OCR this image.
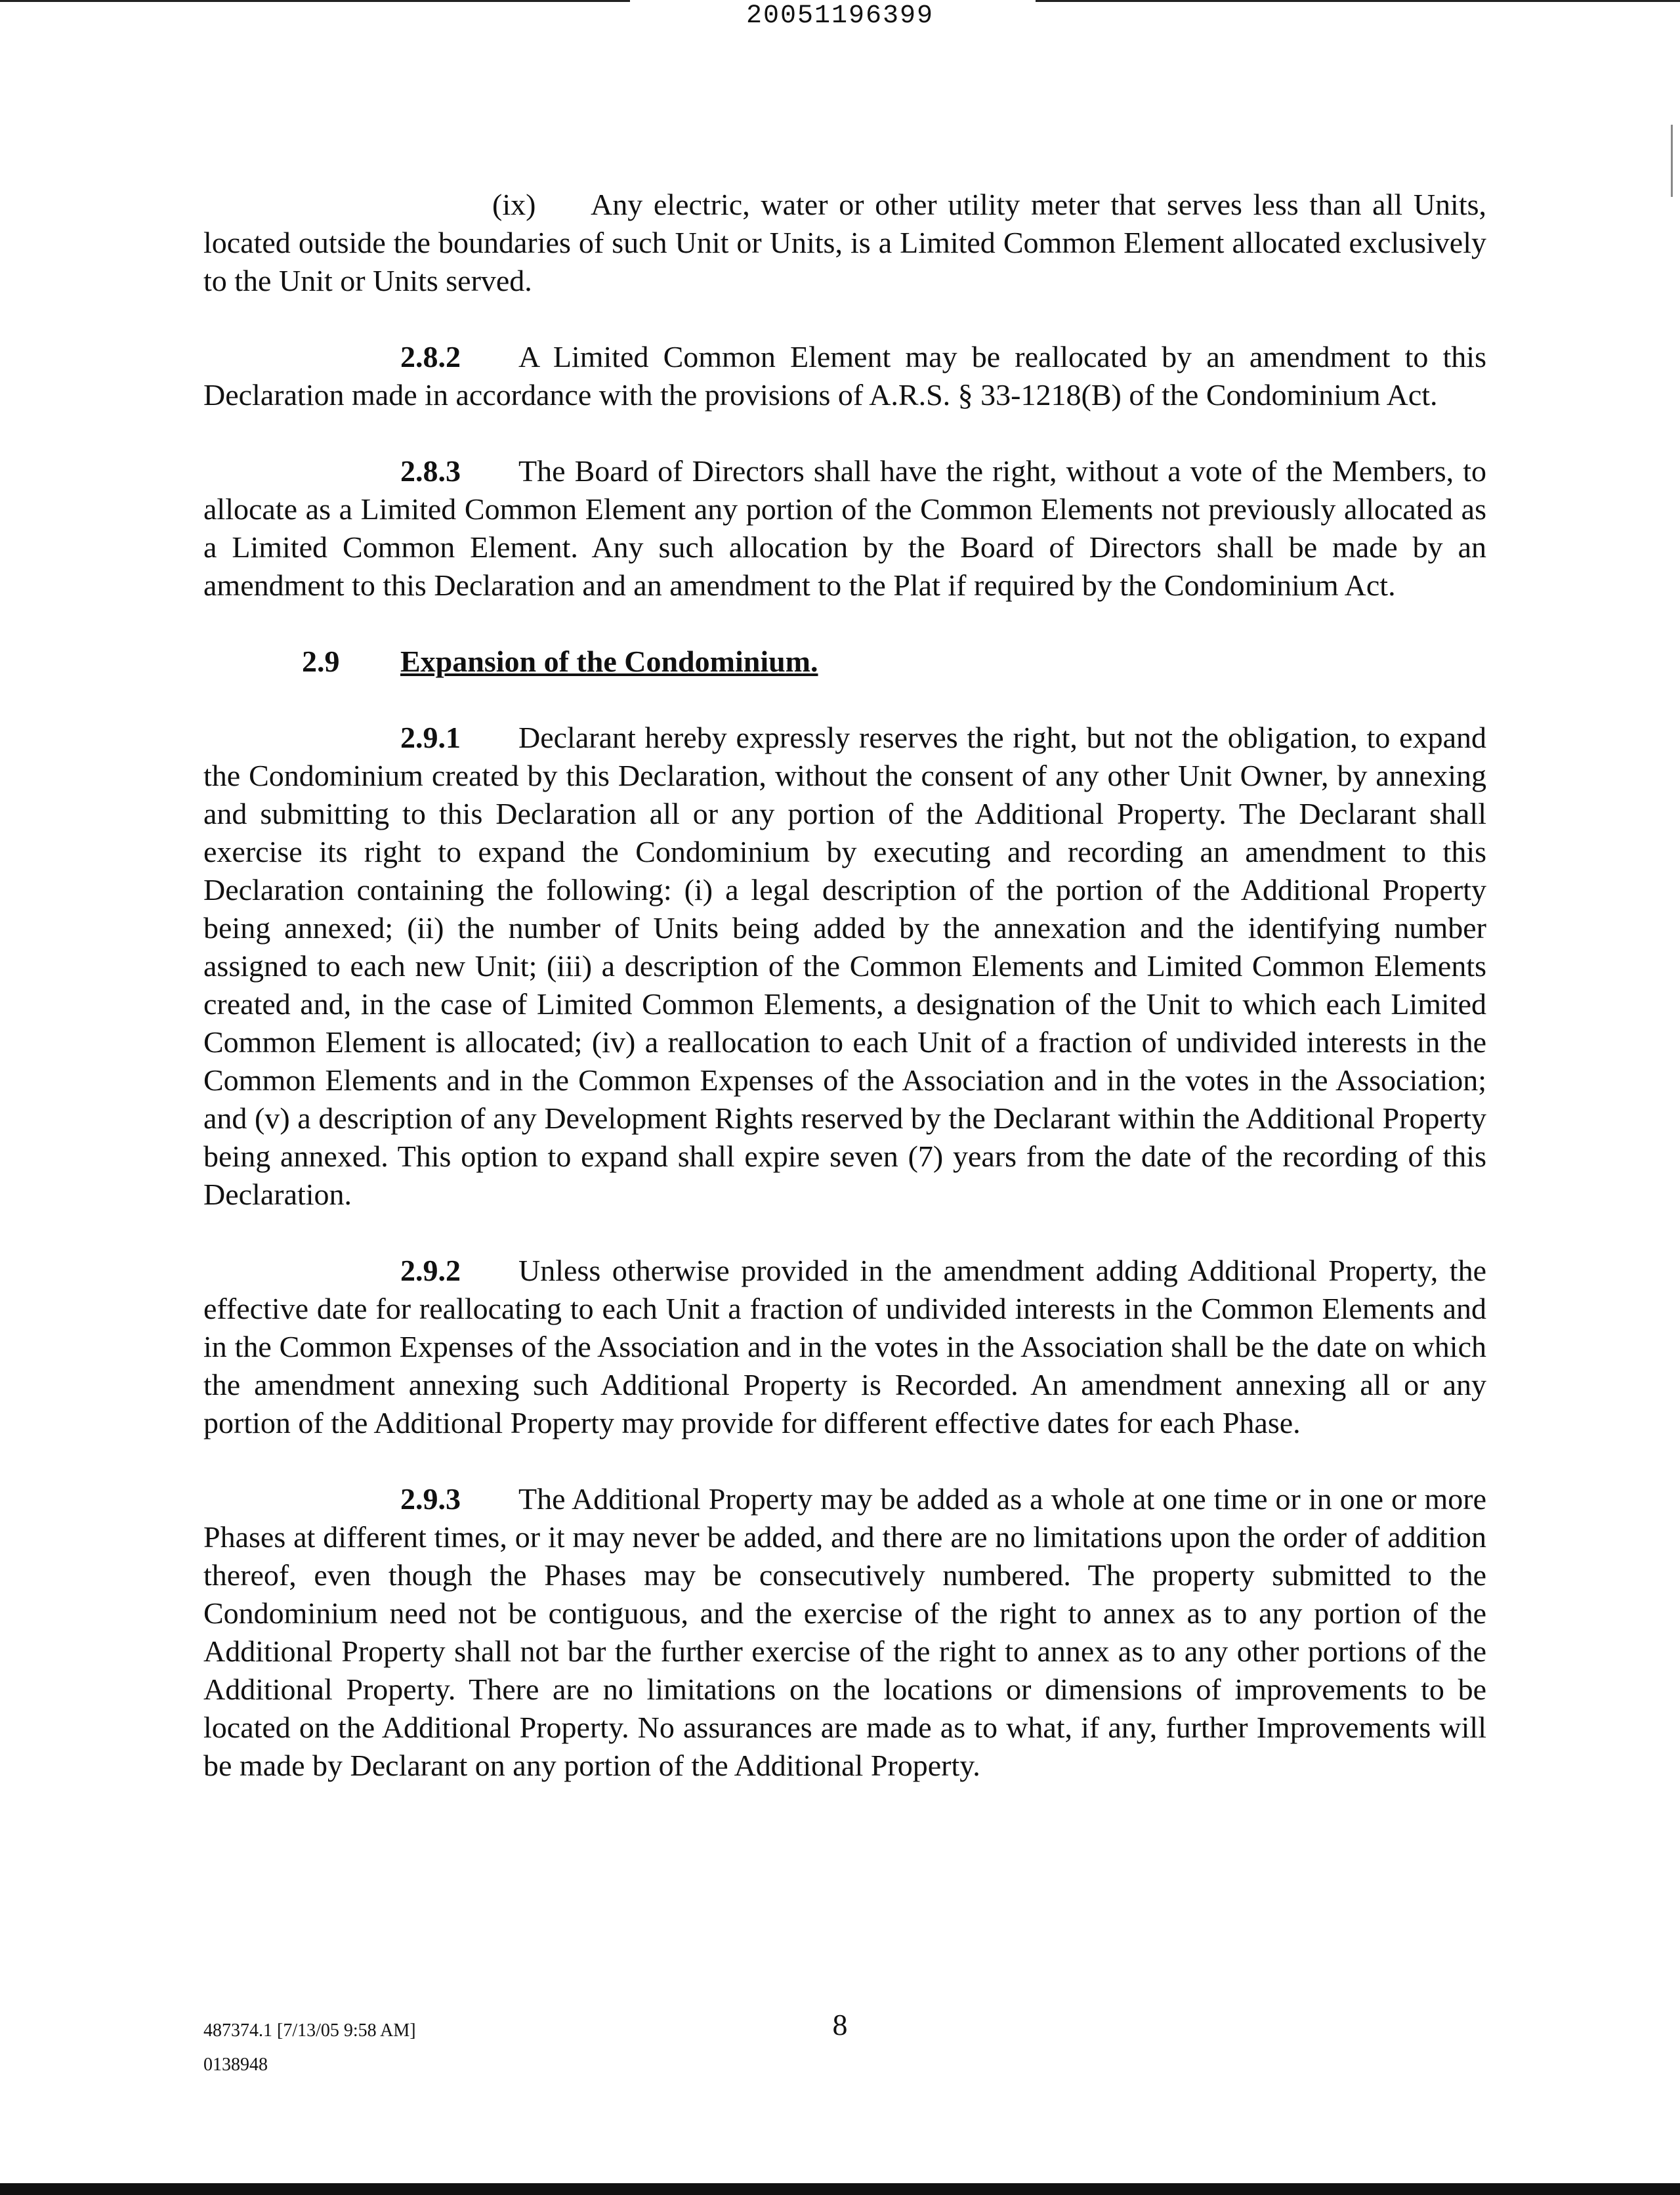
20051196399

(ix) Any electric, water or other utility meter that serves less than all Units, located outside the boundaries of such Unit or Units, is a Limited Common Element allocated exclusively to the Unit or Units served.

2.8.2 A Limited Common Element may be reallocated by an amendment to this Declaration made in accordance with the provisions of A.R.S. § 33-1218(B) of the Condominium Act.

2.8.3 The Board of Directors shall have the right, without a vote of the Members, to allocate as a Limited Common Element any portion of the Common Elements not previously allocated as a Limited Common Element. Any such allocation by the Board of Directors shall be made by an amendment to this Declaration and an amendment to the Plat if required by the Condominium Act.

2.9 Expansion of the Condominium.

2.9.1 Declarant hereby expressly reserves the right, but not the obligation, to expand the Condominium created by this Declaration, without the consent of any other Unit Owner, by annexing and submitting to this Declaration all or any portion of the Additional Property. The Declarant shall exercise its right to expand the Condominium by executing and recording an amendment to this Declaration containing the following: (i) a legal description of the portion of the Additional Property being annexed; (ii) the number of Units being added by the annexation and the identifying number assigned to each new Unit; (iii) a description of the Common Elements and Limited Common Elements created and, in the case of Limited Common Elements, a designation of the Unit to which each Limited Common Element is allocated; (iv) a reallocation to each Unit of a fraction of undivided interests in the Common Elements and in the Common Expenses of the Association and in the votes in the Association; and (v) a description of any Development Rights reserved by the Declarant within the Additional Property being annexed. This option to expand shall expire seven (7) years from the date of the recording of this Declaration.

2.9.2 Unless otherwise provided in the amendment adding Additional Property, the effective date for reallocating to each Unit a fraction of undivided interests in the Common Elements and in the Common Expenses of the Association and in the votes in the Association shall be the date on which the amendment annexing such Additional Property is Recorded. An amendment annexing all or any portion of the Additional Property may provide for different effective dates for each Phase.

2.9.3 The Additional Property may be added as a whole at one time or in one or more Phases at different times, or it may never be added, and there are no limitations upon the order of addition thereof, even though the Phases may be consecutively numbered. The property submitted to the Condominium need not be contiguous, and the exercise of the right to annex as to any portion of the Additional Property shall not bar the further exercise of the right to annex as to any other portions of the Additional Property. There are no limitations on the locations or dimensions of improvements to be located on the Additional Property. No assurances are made as to what, if any, further Improvements will be made by Declarant on any portion of the Additional Property.

487374.1 [7/13/05 9:58 AM]
0138948
8
